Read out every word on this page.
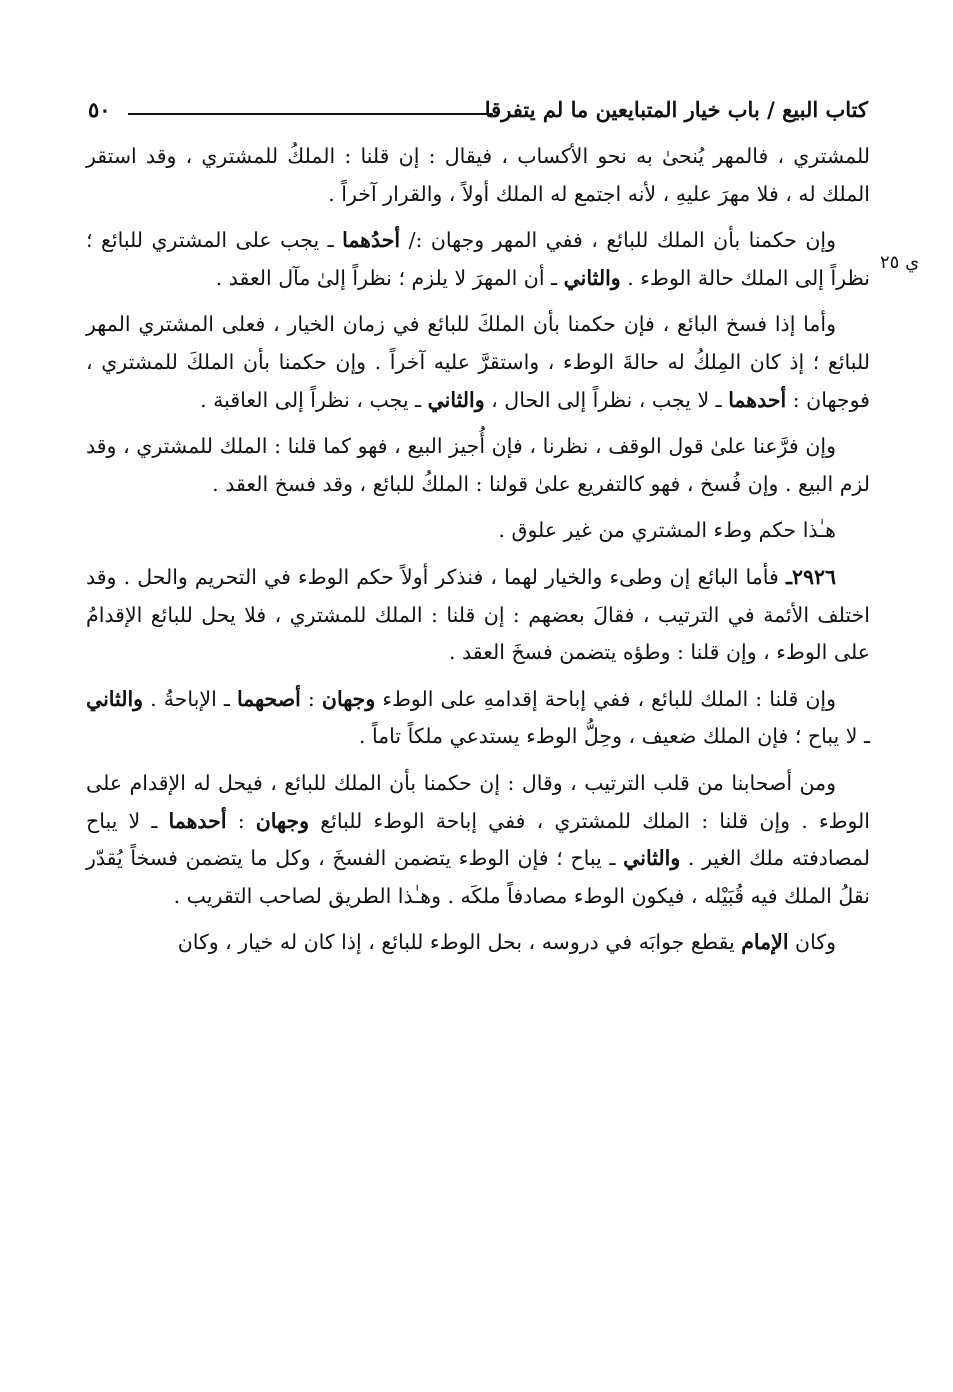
كتاب البيع / باب خيار المتبايعين ما لم يتفرقا
٥٠
ي ٢٥

للمشتري ، فالمهر يُنحىٰ به نحو الأكساب ، فيقال : إن قلنا : الملكُ للمشتري ، وقد استقر الملك له ، فلا مهرَ عليهِ ، لأنه اجتمع له الملك أولاً ، والقرار آخراً .

وإن حكمنا بأن الملك للبائع ، ففي المهر وجهان :/ أحدُهما ـ يجب على المشتري للبائع ؛ نظراً إلى الملك حالة الوطء . والثاني ـ أن المهرَ لا يلزم ؛ نظراً إلىٰ مآل العقد .

وأما إذا فسخ البائع ، فإن حكمنا بأن الملكَ للبائع في زمان الخيار ، فعلى المشتري المهر للبائع ؛ إذ كان المِلكُ له حالةَ الوطء ، واستقرَّ عليه آخراً . وإن حكمنا بأن الملكَ للمشتري ، فوجهان : أحدهما ـ لا يجب ، نظراً إلى الحال ، والثاني ـ يجب ، نظراً إلى العاقبة .

وإن فرَّعنا علىٰ قول الوقف ، نظرنا ، فإن أُجيز البيع ، فهو كما قلنا : الملك للمشتري ، وقد لزم البيع . وإن فُسخ ، فهو كالتفريع علىٰ قولنا : الملكُ للبائع ، وقد فسخ العقد .

هـٰذا حكم وطء المشتري من غير علوق .

٢٩٢٦ـ فأما البائع إن وطىء والخيار لهما ، فنذكر أولاً حكم الوطء في التحريم والحل . وقد اختلف الأئمة في الترتيب ، فقالَ بعضهم : إن قلنا : الملك للمشتري ، فلا يحل للبائع الإقدامُ على الوطء ، وإن قلنا : وطؤه يتضمن فسخَ العقد .

وإن قلنا : الملك للبائع ، ففي إباحة إقدامهِ على الوطء وجهان : أصحهما ـ الإباحةُ . والثاني ـ لا يباح ؛ فإن الملك ضعيف ، وحِلُّ الوطء يستدعي ملكاً تاماً .

ومن أصحابنا من قلب الترتيب ، وقال : إن حكمنا بأن الملك للبائع ، فيحل له الإقدام على الوطء . وإن قلنا : الملك للمشتري ، ففي إباحة الوطء للبائع وجهان : أحدهما ـ لا يباح لمصادفته ملك الغير . والثاني ـ يباح ؛ فإن الوطء يتضمن الفسخَ ، وكل ما يتضمن فسخاً يُقدّر نقلُ الملك فيه قُبَيْله ، فيكون الوطء مصادفاً ملكَه . وهـٰذا الطريق لصاحب التقريب .

وكان الإمام يقطع جوابَه في دروسه ، بحل الوطء للبائع ، إذا كان له خيار ، وكان
